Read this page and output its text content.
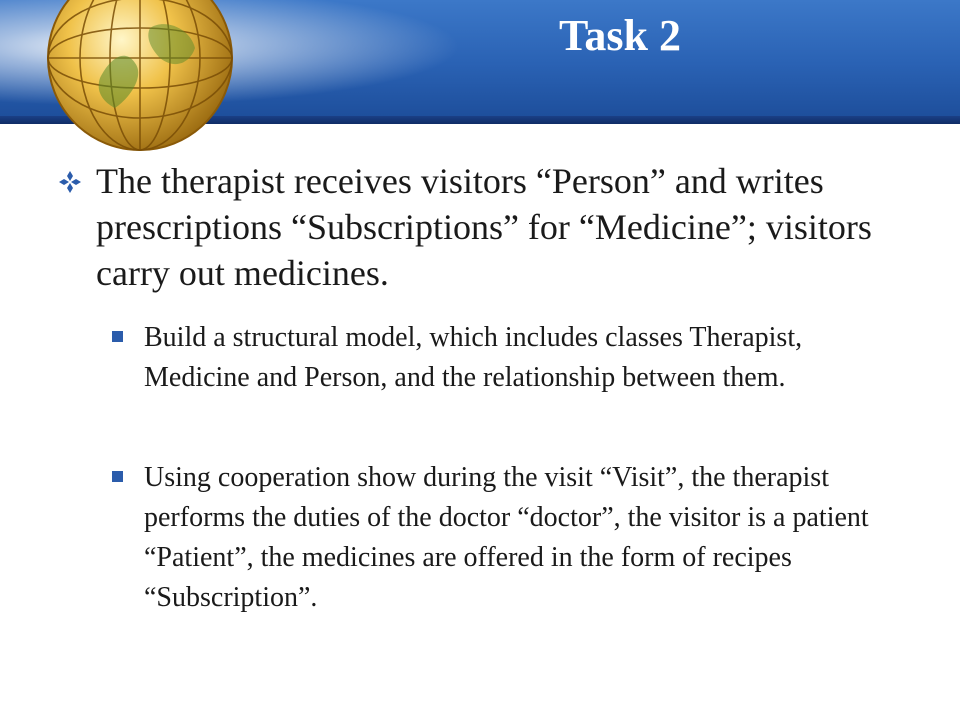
Task 2
The therapist receives visitors “Person” and writes prescriptions “Subscriptions” for “Medicine”; visitors carry out medicines.
Build a structural model, which includes classes Therapist, Medicine and Person, and the relationship between them.
Using cooperation show during the visit “Visit”, the therapist performs the duties of the doctor “doctor”, the visitor is a patient “Patient”, the medicines are offered in the form of recipes “Subscription”.
